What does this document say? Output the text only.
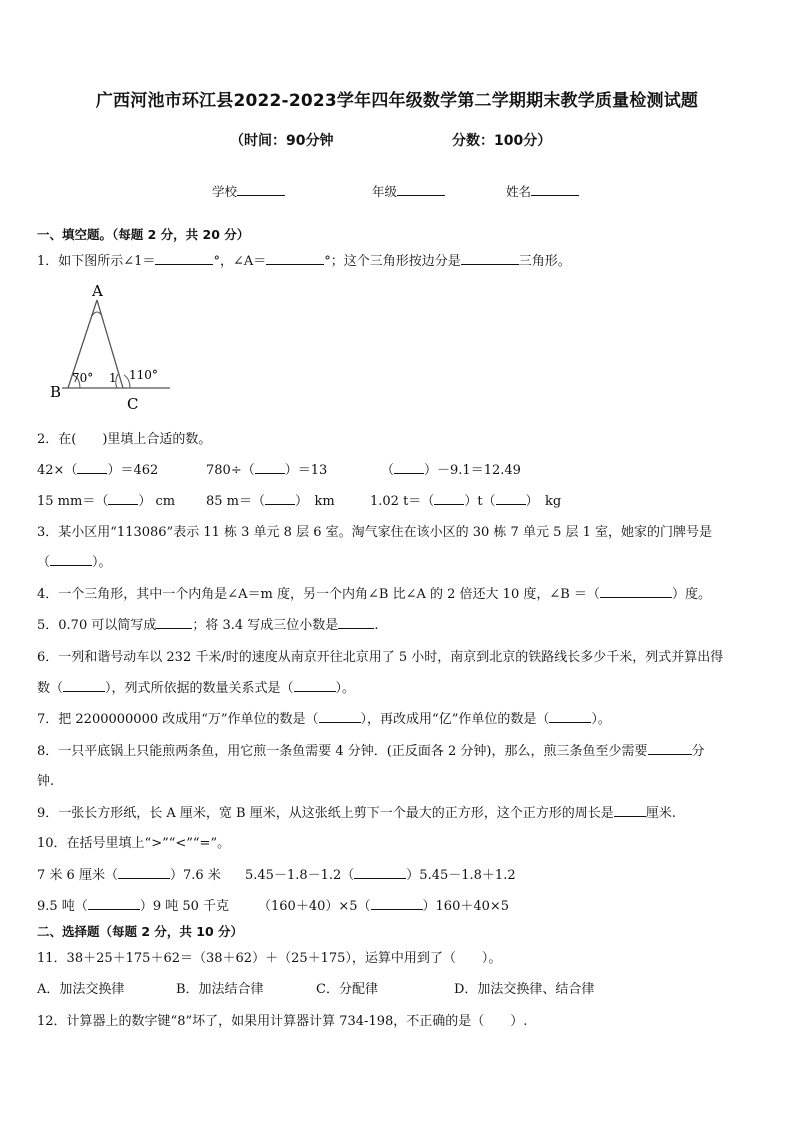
广西河池市环江县2022-2023学年四年级数学第二学期期末教学质量检测试题
（时间：90分钟	分数：100分）
学校	年级	姓名
一、填空题。（每题 2 分，共 20 分）
1．如下图所示∠1＝	°，∠A＝	°；这个三角形按边分是	三角形。
A
B
C
70° 1 110°
2．在(　　)里填上合适的数。
42×（ ）＝462	780÷（ ）＝13	（ ）－9.1＝12.49
15 mm＝（ ） cm 85 m＝（ ）　km	1.02 t＝（ ）t（ ）　kg
3．某小区用“113086”表示 11 栋 3 单元 8 层 6 室。淘气家住在该小区的 30 栋 7 单元 5 层 1 室，她家的门牌号是
（	）。
4．一个三角形，其中一个内角是∠A＝m 度，另一个内角∠B 比∠A 的 2 倍还大 10 度，∠B ＝（	）度。
5．0.70 可以简写成	；将 3.4 写成三位小数是	.
6．一列和谐号动车以 232 千米/时的速度从南京开往北京用了 5 小时，南京到北京的铁路线长多少千米，列式并算出得
数（	），列式所依据的数量关系式是（	）。
7．把 2200000000 改成用“万”作单位的数是（	），再改成用“亿”作单位的数是（	）。
8．一只平底锅上只能煎两条鱼，用它煎一条鱼需要 4 分钟．(正反面各 2 分钟)，那么，煎三条鱼至少需要	分
钟.
9．一张长方形纸，长 A 厘米，宽 B 厘米，从这张纸上剪下一个最大的正方形，这个正方形的周长是 厘米.
10．在括号里填上“>”“<”“=”。
7 米 6 厘米（	）7.6 米 5.45－1.8－1.2（	）5.45－1.8＋1.2
9.5 吨（	）9 吨 50 千克 （160＋40）×5（	）160＋40×5
二、选择题（每题 2 分，共 10 分）
11．38＋25＋175＋62＝（38＋62）＋（25＋175），运算中用到了（　　）。
A．加法交换律	B．加法结合律	C．分配律	D．加法交换律、结合律
12．计算器上的数字键“8”坏了，如果用计算器计算 734-198，不正确的是（　　）.
